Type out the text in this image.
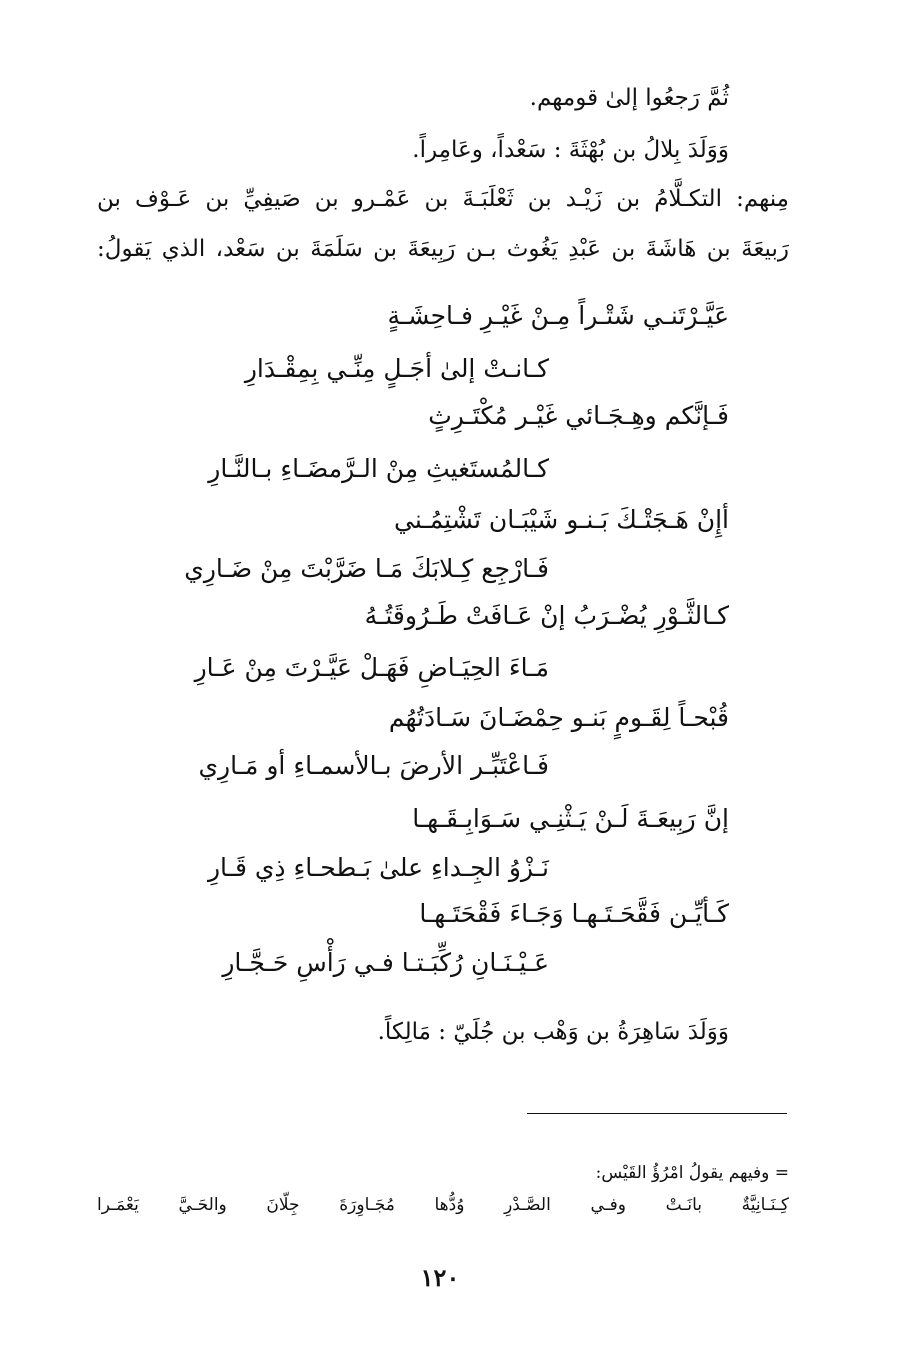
ثُمَّ رَجعُوا إلىٰ قومهم.
وَوَلَدَ بِلالُ بن بُهْثَةَ : سَعْداً، وعَامِراً.
مِنهم: التكـلَّامُ بن زَيْـد بن ثَعْلَبَـةَ بن عَمْـرو بن صَيفِيِّ بن عَـوْف بن
رَبيعَةَ بن هَاشَةَ بن عَبْدِ يَغُوث بـن رَبِيعَةَ بن سَلَمَةَ بن سَعْد، الذي يَقولُ:
عَيَّـرْتَنـي شَتْـراً مِـنْ غَيْـرِ فـاحِشَـةٍ
كـانـتْ إلىٰ أجَـلٍ مِنِّـي بِمِقْـدَارِ
فَـإنَّكم وهِـجَـائي غَيْـر مُكْتَـرِثٍ
كـالمُستَغيثِ مِنْ الـرَّمضَـاءِ بـالنَّـارِ
أإِنْ هَـجَتْـكَ بَـنـو شَيْبَـان تَشْتِمُـني
فَـارْجِع كِـلابَكَ مَـا ضَرَّبْتَ مِنْ ضَـارِي
كـالثَّـوْرِ يُضْـرَبُ إنْ عَـافَتْ طَـرُوقَتُـهُ
مَـاءَ الحِيَـاضِ فَهَـلْ عَيَّـرْتَ مِنْ عَـارِ
قُبْحـاً لِقَـومٍ بَنـو حِمْضَـانَ سَـادَتُهُم
فَـاعْتَبِّـر الأرضَ بـالأسمـاءِ أو مَـارِي
إنَّ رَبِيعَـةَ لَـنْ يَـثْنِـي سَـوَابِـقَـهـا
نَـزْوُ الجِـداءِ علىٰ بَـطحـاءِ ذِي قَـارِ
كَـأيِّـن فَقَّحَـتَـهـا وَجَـاءَ فَقْحَتَـهـا
عَـيْـنَـانِ رُكِّبَـتـا فـي رَأْسِ حَـجَّـارِ
وَوَلَدَ سَاهِرَةُ بن وَهْب بن جُلَيّ : مَالِكاً.
= وفيهم يقولُ امْرُؤُ القَيْس:
كِـنَـانِيَّةٌ بانَـتْ وفـي الصَّـدْرِ وُدُّها مُجَـاوِرَةَ جِلّانَ والحَـيَّ يَعْمَـرا
١٢٠
